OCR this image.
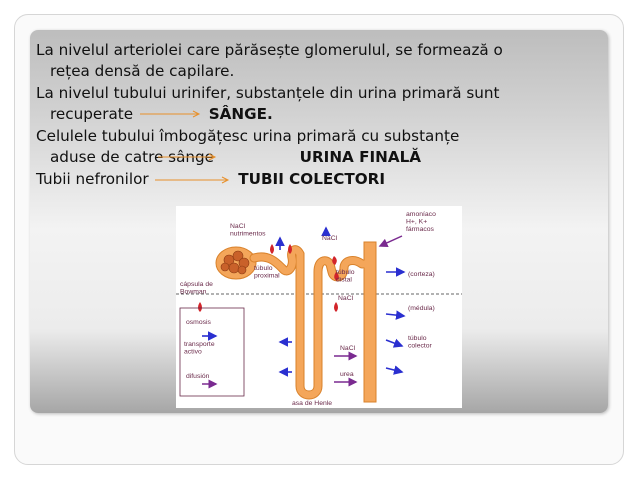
La nivelul arteriolei care părăsește glomerulul, se formează o
rețea densă de capilare.
La nivelul tubului urinifer, substanțele din urina primară sunt
recuperate	SÂNGE.
Celulele tubului îmbogățesc urina primară cu substanțe
aduse de catre sânge	URINA FINALĂ
Tubii nefronilor	TUBII COLECTORI
NaCl nutrimentos
NaCl
amoníaco H+, K+ fármacos
cápsula de Bowman
túbulo proximal	túbulo distal
(corteza)
NaCl
(médula)
osmosis
transporte activo
difusión
NaCl
urea
túbulo colector
asa de Henle
